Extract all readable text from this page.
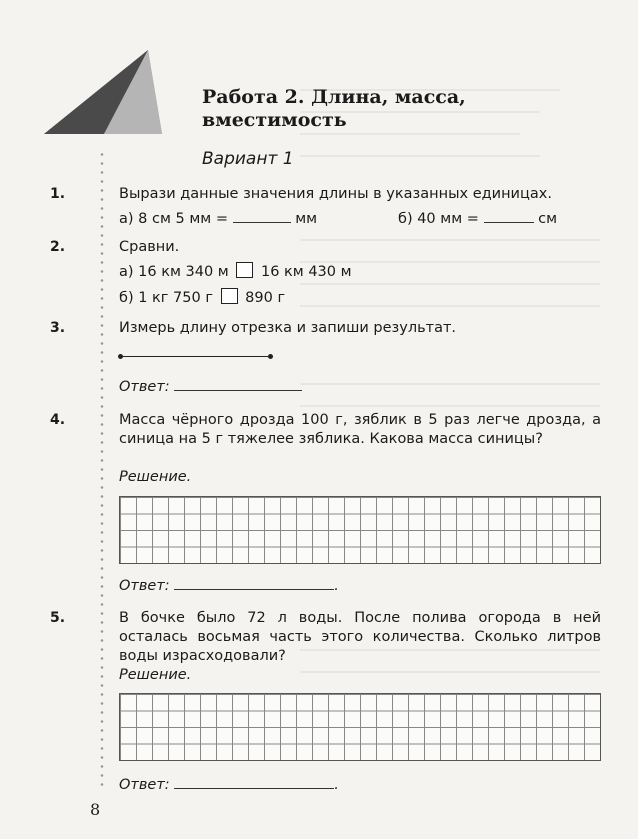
Работа 2. Длина, масса,
вместимость
Вариант 1
1.	Вырази данные значения длины в указанных единицах.
а) 8 см 5 мм =	мм	б) 40 мм =	см
2.	Сравни.
а) 16 км 340 м 16 км 430 м
б) 1 кг 750 г 890 г
3.	Измерь длину отрезка и запиши результат.
Ответ:
4.	Масса чёрного дрозда 100 г, зяблик в 5 раз легче дрозда, а синица на 5 г тяжелее зяблика. Какова масса синицы?
Решение.
Ответ:	.
5.	В бочке было 72 л воды. После полива огорода в ней осталась восьмая часть этого количества. Сколько литров воды израсходовали?
Решение.
Ответ:	.
8
